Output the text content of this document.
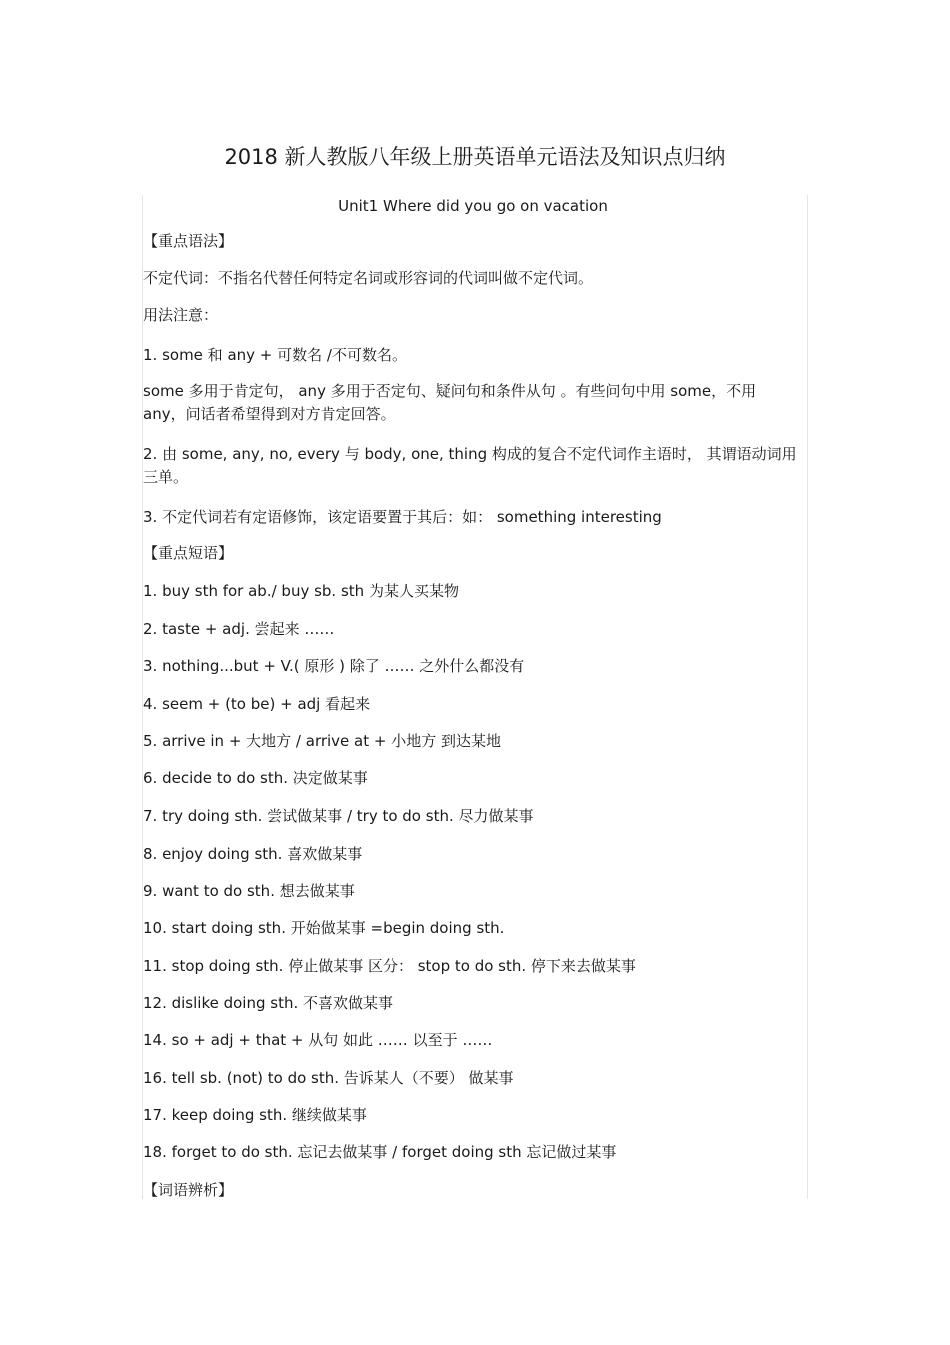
2018 新人教版八年级上册英语单元语法及知识点归纳
Unit1 Where did you go on vacation
【重点语法】
不定代词：不指名代替任何特定名词或形容词的代词叫做不定代词。
用法注意：
1. some 和 any + 可数名 /不可数名。
some 多用于肯定句， any 多用于否定句、疑问句和条件从句 。有些问句中用 some，不用 any，问话者希望得到对方肯定回答。
2. 由 some, any, no, every 与 body, one, thing 构成的复合不定代词作主语时， 其谓语动词用三单。
3. 不定代词若有定语修饰，该定语要置于其后：如： something interesting
【重点短语】
1. buy sth for ab./ buy sb. sth 为某人买某物
2. taste + adj. 尝起来 ……
3. nothing...but + V.( 原形 ) 除了 …… 之外什么都没有
4. seem + (to be) + adj 看起来
5. arrive in + 大地方 / arrive at + 小地方 到达某地
6. decide to do sth. 决定做某事
7. try doing sth. 尝试做某事 / try to do sth. 尽力做某事
8. enjoy doing sth. 喜欢做某事
9. want to do sth. 想去做某事
10. start doing sth. 开始做某事 =begin doing sth.
11. stop doing sth. 停止做某事 区分： stop to do sth. 停下来去做某事
12. dislike doing sth. 不喜欢做某事
14. so + adj + that + 从句 如此 …… 以至于 ……
16. tell sb. (not) to do sth. 告诉某人（不要） 做某事
17. keep doing sth. 继续做某事
18. forget to do sth. 忘记去做某事 / forget doing sth 忘记做过某事
【词语辨析】
